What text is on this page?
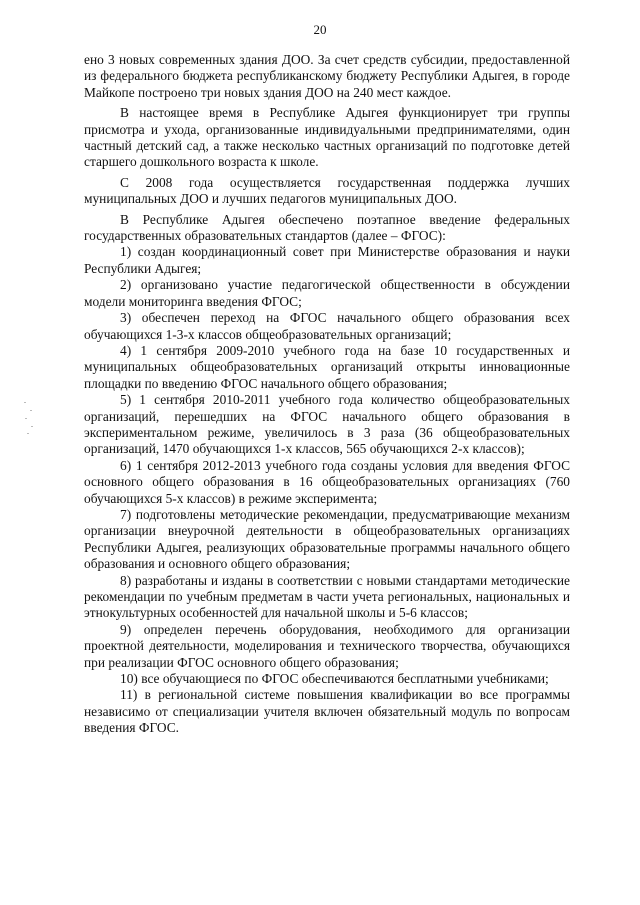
20

ено 3 новых современных здания ДОО. За счет средств субсидии, предоставленной из федерального бюджета республиканскому бюджету Республики Адыгея, в городе Майкопе построено три новых здания ДОО на 240 мест каждое.

В настоящее время в Республике Адыгея функционирует три группы присмотра и ухода, организованные индивидуальными предпринимателями, один частный детский сад, а также несколько частных организаций по подготовке детей старшего дошкольного возраста к школе.

С 2008 года осуществляется государственная поддержка лучших муниципальных ДОО и лучших педагогов муниципальных ДОО.

В Республике Адыгея обеспечено поэтапное введение федеральных государственных образовательных стандартов (далее – ФГОС):

1) создан координационный совет при Министерстве образования и науки Республики Адыгея;

2) организовано участие педагогической общественности в обсуждении модели мониторинга введения ФГОС;

3) обеспечен переход на ФГОС начального общего образования всех обучающихся 1-3-х классов общеобразовательных организаций;

4) 1 сентября 2009-2010 учебного года на базе 10 государственных и муниципальных общеобразовательных организаций открыты инновационные площадки по введению ФГОС начального общего образования;

5) 1 сентября 2010-2011 учебного года количество общеобразовательных организаций, перешедших на ФГОС начального общего образования в экспериментальном режиме, увеличилось в 3 раза (36 общеобразовательных организаций, 1470 обучающихся 1-х классов, 565 обучающихся 2-х классов);

6) 1 сентября 2012-2013 учебного года созданы условия для введения ФГОС основного общего образования в 16 общеобразовательных организациях (760 обучающихся 5-х классов) в режиме эксперимента;

7) подготовлены методические рекомендации, предусматривающие механизм организации внеурочной деятельности в общеобразовательных организациях Республики Адыгея, реализующих образовательные программы начального общего образования и основного общего образования;

8) разработаны и изданы в соответствии с новыми стандартами методические рекомендации по учебным предметам в части учета региональных, национальных и этнокультурных особенностей для начальной школы и 5-6 классов;

9) определен перечень оборудования, необходимого для организации проектной деятельности, моделирования и технического творчества, обучающихся при реализации ФГОС основного общего образования;

10) все обучающиеся по ФГОС обеспечиваются бесплатными учебниками;

11) в региональной системе повышения квалификации во все программы независимо от специализации учителя включен обязательный модуль по вопросам введения ФГОС.
